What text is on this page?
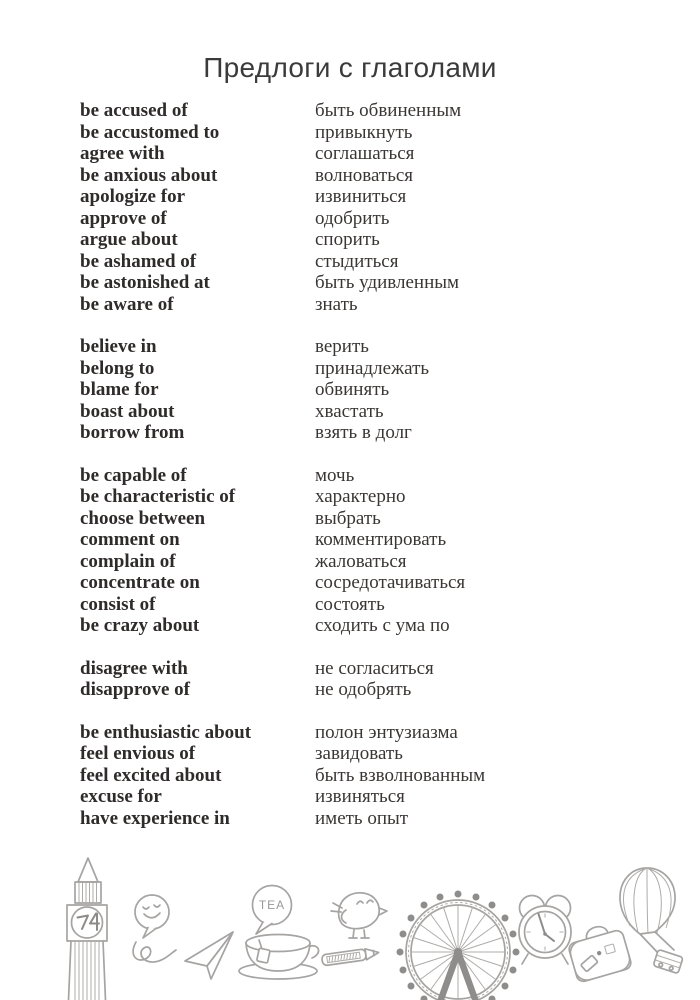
Предлоги с глаголами
be accused of	быть обвиненным
be accustomed to	привыкнуть
agree with	соглашаться
be anxious about	волноваться
apologize for	извиниться
approve of	одобрить
argue about	спорить
be ashamed of	стыдиться
be astonished at	быть удивленным
be aware of	знать
believe in	верить
belong to	принадлежать
blame for	обвинять
boast about	хвастать
borrow from	взять в долг
be capable of	мочь
be characteristic of	характерно
choose between	выбрать
comment on	комментировать
complain of	жаловаться
concentrate on	сосредотачиваться
consist of	состоять
be crazy about	сходить с ума по
disagree with	не согласиться
disapprove of	не одобрять
be enthusiastic about	полон энтузиазма
feel envious of	завидовать
feel excited about	быть взволнованным
excuse for	извиняться
have experience in	иметь опыт
TEA
